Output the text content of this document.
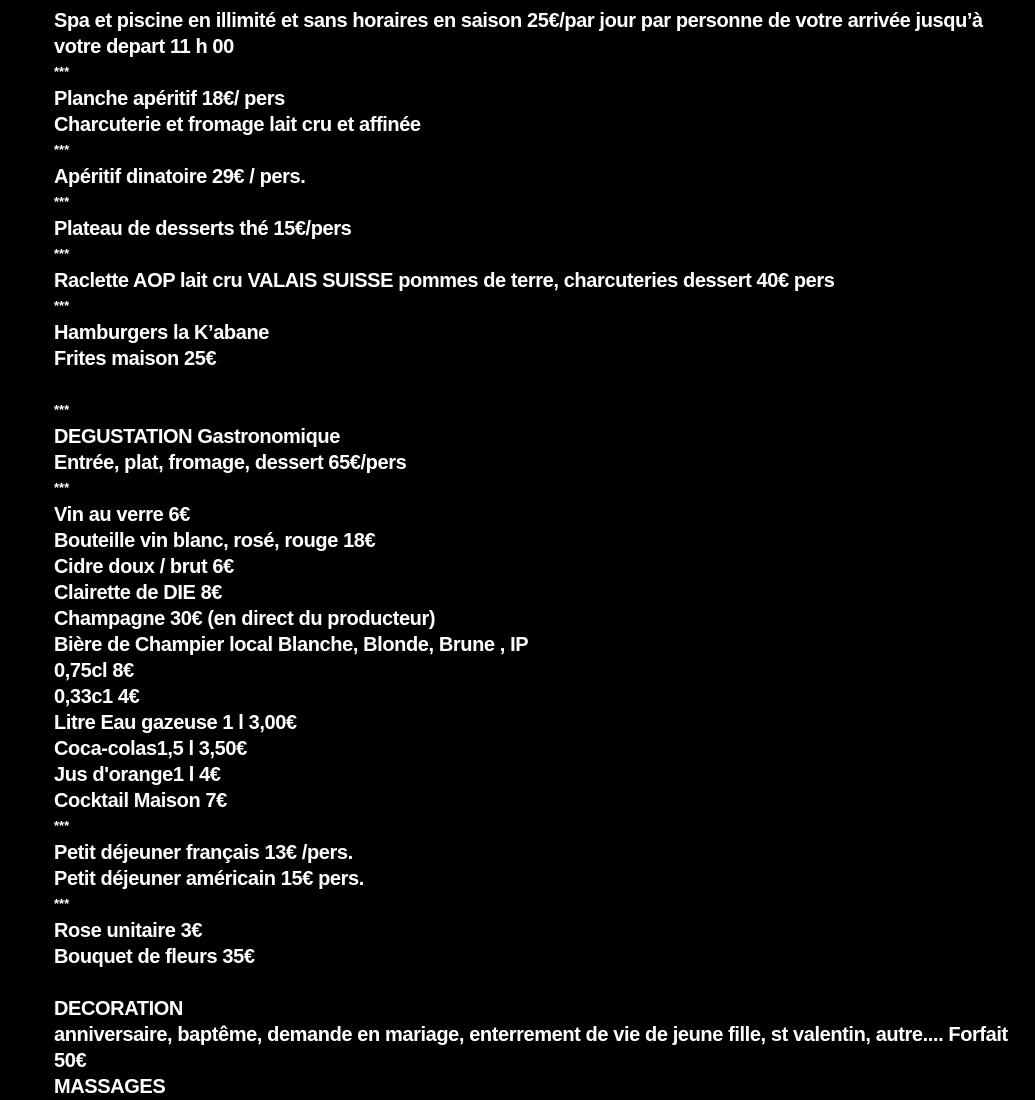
Spa et piscine en illimité et sans horaires en saison 25€/par jour par personne de votre arrivée jusqu’à votre depart 11 h 00
***
Planche apéritif 18€/ pers
Charcuterie et fromage lait cru et affinée
***
Apéritif dinatoire 29€ / pers.
***
Plateau de desserts thé 15€/pers
***
Raclette AOP lait cru VALAIS SUISSE pommes de terre, charcuteries dessert 40€ pers
***
Hamburgers la K’abane
Frites maison 25€
***
DEGUSTATION Gastronomique
Entrée, plat, fromage, dessert 65€/pers
***
Vin au verre 6€
Bouteille vin blanc, rosé, rouge 18€
Cidre doux / brut 6€
Clairette de DIE 8€
Champagne 30€ (en direct du producteur)
Bière de Champier local Blanche, Blonde, Brune , IP
0,75cl 8€
0,33c1 4€
Litre Eau gazeuse 1 l 3,00€
Coca-colas1,5 l 3,50€
Jus d'orange1 l 4€
Cocktail Maison 7€
***
Petit déjeuner français 13€ /pers.
Petit déjeuner américain 15€ pers.
***
Rose unitaire 3€
Bouquet de fleurs 35€
DECORATION
anniversaire, baptême, demande en mariage, enterrement de vie de jeune fille, st valentin, autre.... Forfait 50€
MASSAGES
